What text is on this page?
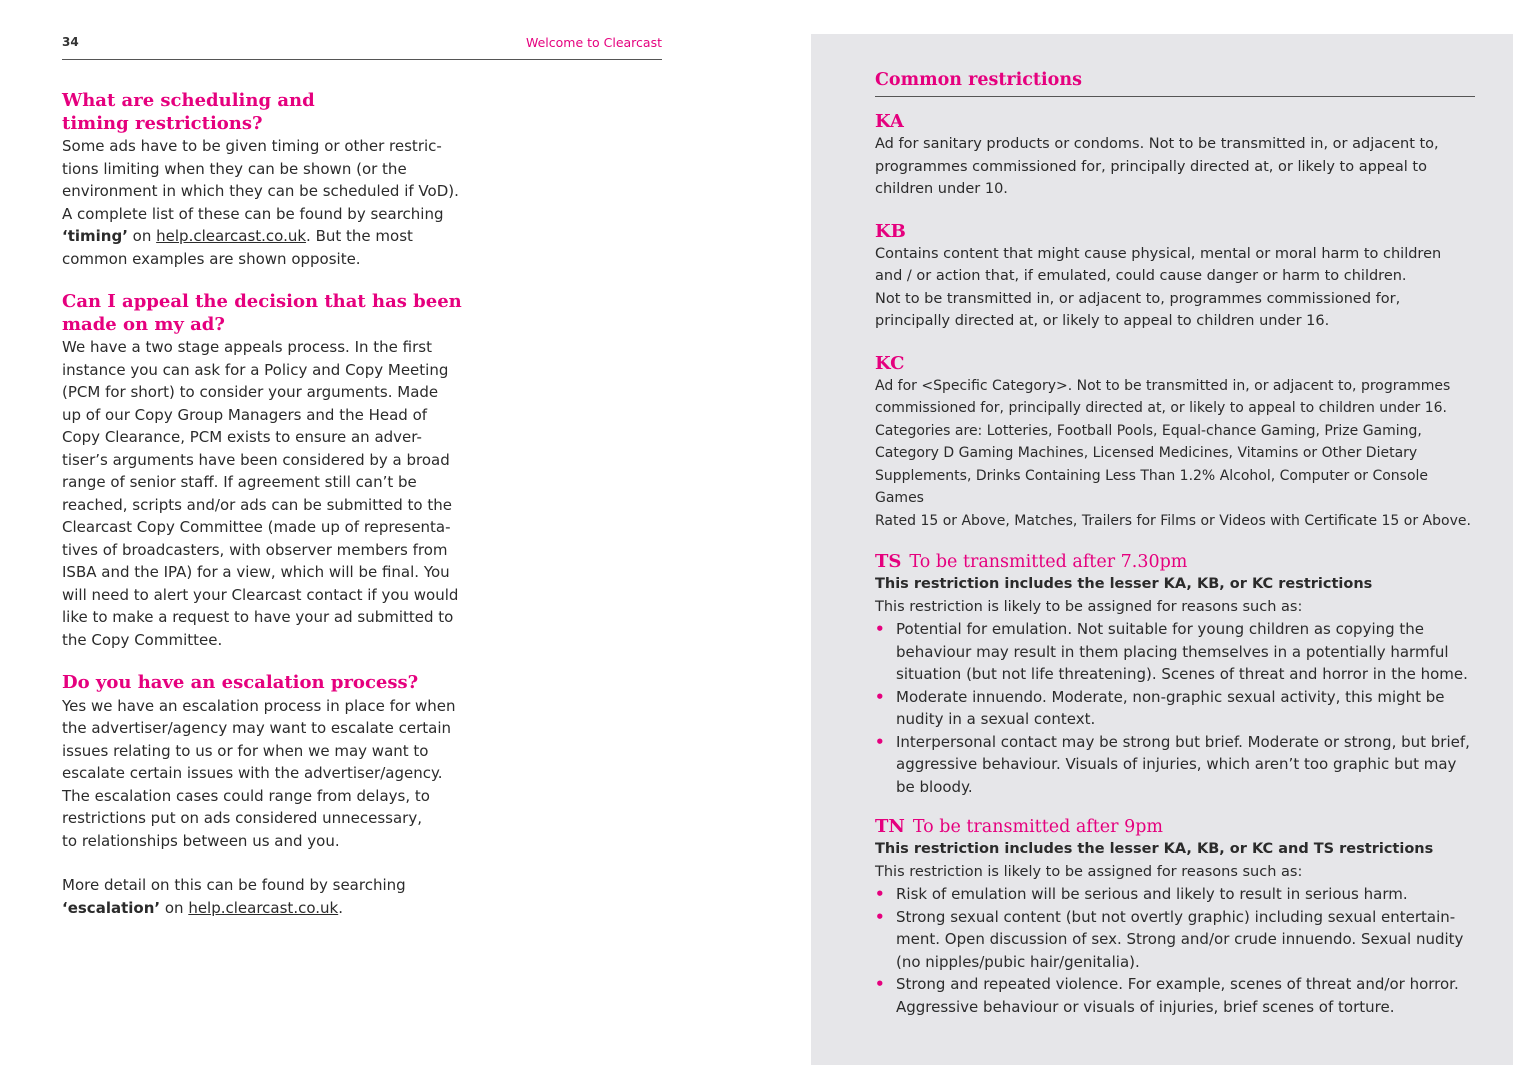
34	Welcome to Clearcast
What are scheduling and
timing restrictions?

Some ads have to be given timing or other restric-

tions limiting when they can be shown (or the

environment in which they can be scheduled if VoD).

A complete list of these can be found by searching

‘timing’ on help.clearcast.co.uk. But the most

common examples are shown opposite.

Can I appeal the decision that has been
made on my ad?

We have a two stage appeals process. In the first

instance you can ask for a Policy and Copy Meeting

(PCM for short) to consider your arguments. Made

up of our Copy Group Managers and the Head of

Copy Clearance, PCM exists to ensure an adver-

tiser’s arguments have been considered by a broad

range of senior staff. If agreement still can’t be

reached, scripts and/or ads can be submitted to the

Clearcast Copy Committee (made up of representa-

tives of broadcasters, with observer members from

ISBA and the IPA) for a view, which will be final. You

will need to alert your Clearcast contact if you would

like to make a request to have your ad submitted to

the Copy Committee.

Do you have an escalation process?

Yes we have an escalation process in place for when

the advertiser/agency may want to escalate certain

issues relating to us or for when we may want to

escalate certain issues with the advertiser/agency.

The escalation cases could range from delays, to

restrictions put on ads considered unnecessary,

to relationships between us and you.

More detail on this can be found by searching

‘escalation’ on help.clearcast.co.uk.

Common restrictions
KA

Ad for sanitary products or condoms. Not to be transmitted in, or adjacent to,

programmes commissioned for, principally directed at, or likely to appeal to

children under 10.

KB

Contains content that might cause physical, mental or moral harm to children

and / or action that, if emulated, could cause danger or harm to children.

Not to be transmitted in, or adjacent to, programmes commissioned for,

principally directed at, or likely to appeal to children under 16.

KC

Ad for <Specific Category>. Not to be transmitted in, or adjacent to, programmes

commissioned for, principally directed at, or likely to appeal to children under 16.

Categories are: Lotteries, Football Pools, Equal-chance Gaming, Prize Gaming,

Category D Gaming Machines, Licensed Medicines, Vitamins or Other Dietary

Supplements, Drinks Containing Less Than 1.2% Alcohol, Computer or Console Games

Rated 15 or Above, Matches, Trailers for Films or Videos with Certificate 15 or Above.

TS To be transmitted after 7.30pm

This restriction includes the lesser KA, KB, or KC restrictions

This restriction is likely to be assigned for reasons such as:

• Potential for emulation. Not suitable for young children as copying the
behaviour may result in them placing themselves in a potentially harmful
situation (but not life threatening). Scenes of threat and horror in the home.
• Moderate innuendo. Moderate, non-graphic sexual activity, this might be
nudity in a sexual context.
• Interpersonal contact may be strong but brief. Moderate or strong, but brief,
aggressive behaviour. Visuals of injuries, which aren’t too graphic but may
be bloody.
TN To be transmitted after 9pm

This restriction includes the lesser KA, KB, or KC and TS restrictions

This restriction is likely to be assigned for reasons such as:

• Risk of emulation will be serious and likely to result in serious harm.
• Strong sexual content (but not overtly graphic) including sexual entertain-
ment. Open discussion of sex. Strong and/or crude innuendo. Sexual nudity
(no nipples/pubic hair/genitalia).
• Strong and repeated violence. For example, scenes of threat and/or horror.
Aggressive behaviour or visuals of injuries, brief scenes of torture.
